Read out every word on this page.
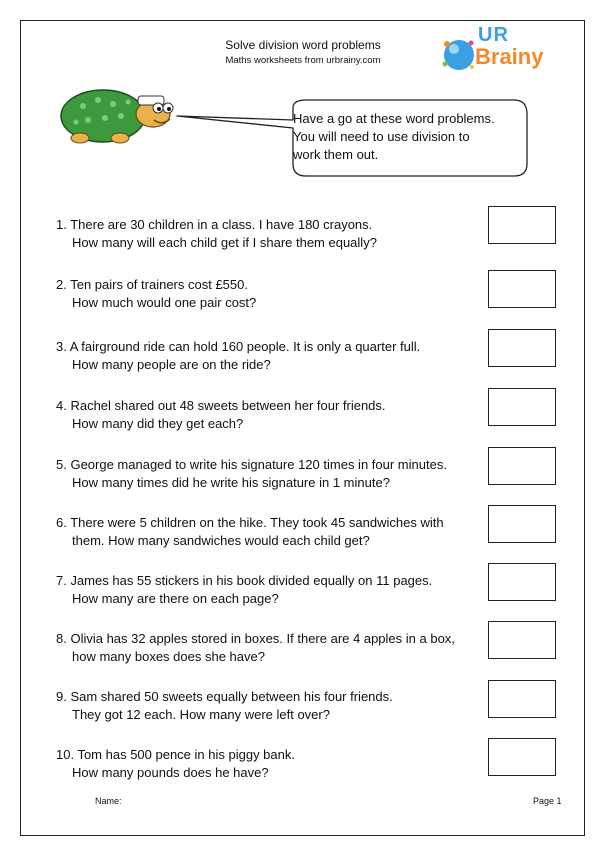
Solve division word problems
Maths worksheets from urbrainy.com
UR
Brainy
Have a go at these word problems.
You will need to use division to
work them out.
1. There are 30 children in a class. I have 180 crayons.
How many will each child get if I share them equally?
2. Ten pairs of trainers cost £550.
How much would one pair cost?
3. A fairground ride can hold 160 people. It is only a quarter full.
How many people are on the ride?
4. Rachel shared out 48 sweets between her four friends.
How many did they get each?
5. George managed to write his signature 120 times in four minutes.
How many times did he write his signature in 1 minute?
6. There were 5 children on the hike. They took 45 sandwiches with
them. How many sandwiches would each child get?
7. James has 55 stickers in his book divided equally on 11 pages.
How many are there on each page?
8. Olivia has 32 apples stored in boxes. If there are 4 apples in a box,
how many boxes does she have?
9. Sam shared 50 sweets equally between his four friends.
They got 12 each. How many were left over?
10. Tom has 500 pence in his piggy bank.
How many pounds does he have?
Name:	Page 1
